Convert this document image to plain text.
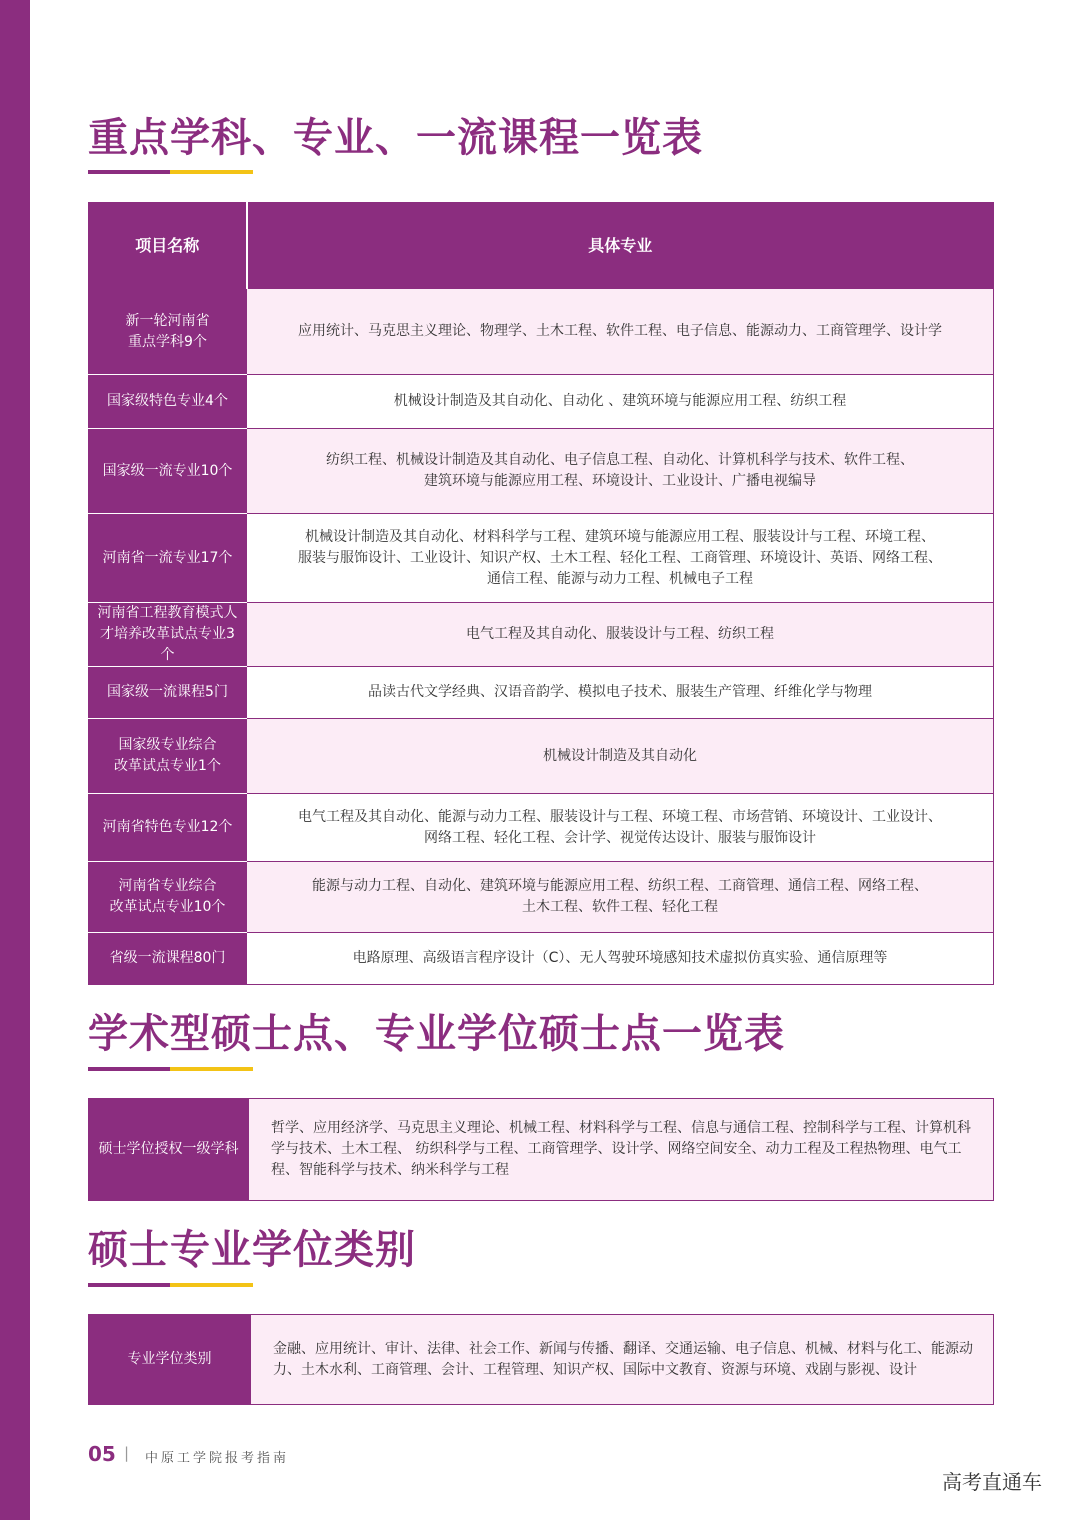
重点学科、专业、一流课程一览表
项目名称	具体专业
新一轮河南省
重点学科9个	应用统计、马克思主义理论、物理学、土木工程、软件工程、电子信息、能源动力、工商管理学、设计学
国家级特色专业4个	机械设计制造及其自动化、自动化 、建筑环境与能源应用工程、纺织工程
国家级一流专业10个	纺织工程、机械设计制造及其自动化、电子信息工程、自动化、计算机科学与技术、软件工程、
建筑环境与能源应用工程、环境设计、工业设计、广播电视编导
河南省一流专业17个	机械设计制造及其自动化、材料科学与工程、建筑环境与能源应用工程、服装设计与工程、环境工程、
服装与服饰设计、工业设计、知识产权、土木工程、轻化工程、工商管理、环境设计、英语、网络工程、
通信工程、能源与动力工程、机械电子工程
河南省工程教育模式人
才培养改革试点专业3个	电气工程及其自动化、服装设计与工程、纺织工程
国家级一流课程5门	品读古代文学经典、汉语音韵学、模拟电子技术、服装生产管理、纤维化学与物理
国家级专业综合
改革试点专业1个	机械设计制造及其自动化
河南省特色专业12个	电气工程及其自动化、能源与动力工程、服装设计与工程、环境工程、市场营销、环境设计、工业设计、
网络工程、轻化工程、会计学、视觉传达设计、服装与服饰设计
河南省专业综合
改革试点专业10个	能源与动力工程、自动化、建筑环境与能源应用工程、纺织工程、工商管理、通信工程、网络工程、
土木工程、软件工程、轻化工程
省级一流课程80门	电路原理、高级语言程序设计（C）、无人驾驶环境感知技术虚拟仿真实验、通信原理等
学术型硕士点、专业学位硕士点一览表
硕士学位授权一级学科	哲学、应用经济学、马克思主义理论、机械工程、材料科学与工程、信息与通信工程、控制科学与工程、计算机科学与技术、土木工程、 纺织科学与工程、工商管理学、设计学、网络空间安全、动力工程及工程热物理、电气工程、智能科学与技术、纳米科学与工程
硕士专业学位类别
专业学位类别	金融、应用统计、审计、法律、社会工作、新闻与传播、翻译、交通运输、电子信息、机械、材料与化工、能源动力、土木水利、工商管理、会计、工程管理、知识产权、国际中文教育、资源与环境、戏剧与影视、设计
05 | 中原工学院报考指南
高考直通车
